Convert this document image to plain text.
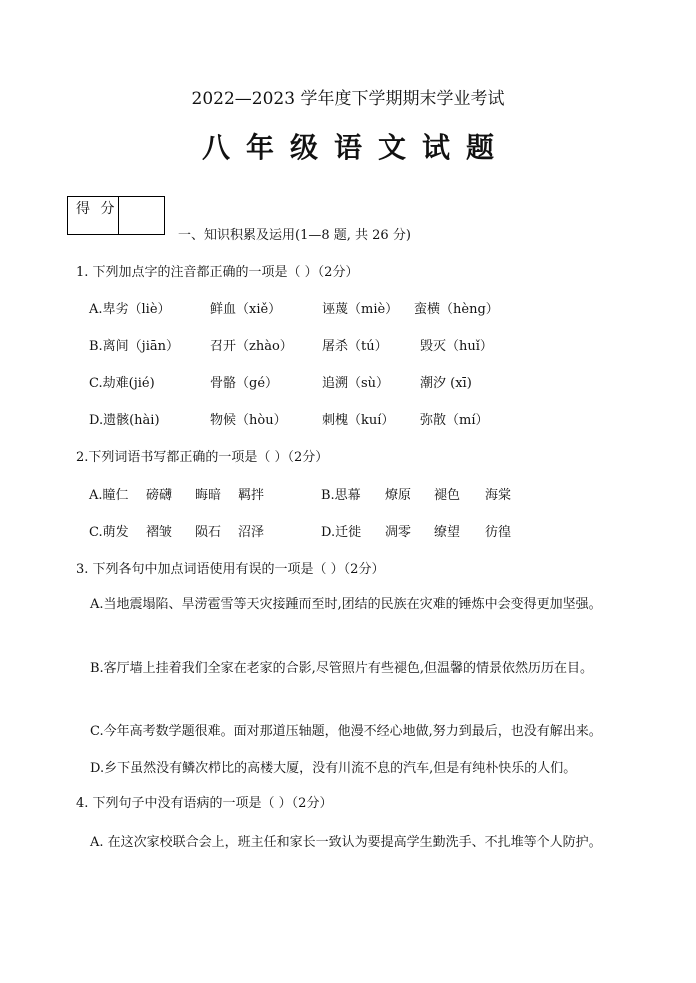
2022—2023 学年度下学期期末学业考试
八年级语文试题
得 分
一、知识积累及运用(1—8 题, 共 26 分)
1. 下列加点字的注音都正确的一项是（ ）（2分）
A.卑劣（liè）	鲜血（xiě）	诬蔑（miè） 蛮横（hèng）
B.离间（jiān） 召开（zhào） 屠杀（tú） 毁灭（huǐ）
C.劫难(jié)	骨骼（gé）	追溯（sù） 潮汐 (xī)
D.遗骸(hài)	物候（hòu）	刺槐（kuí） 弥散（mí）
2.下列词语书写都正确的一项是（ ）（2分）
A.瞳仁 磅礴 晦暗 羁拌	B.思幕 燎原 褪色 海棠
C.萌发 褶皱 陨石 沼泽	D.迁徙 凋零 缭望 彷徨
3. 下列各句中加点词语使用有误的一项是（ ）（2分）
A.当地震塌陷、旱涝雹雪等天灾接踵而至时,团结的民族在灾难的锤炼中会变得更加坚强。
B.客厅墙上挂着我们全家在老家的合影,尽管照片有些褪色,但温馨的情景依然历历在目。
C.今年高考数学题很难。面对那道压轴题，他漫不经心地做,努力到最后，也没有解出来。
D.乡下虽然没有鳞次栉比的高楼大厦，没有川流不息的汽车,但是有纯朴快乐的人们。
4. 下列句子中没有语病的一项是（ ）（2分）
A. 在这次家校联合会上，班主任和家长一致认为要提高学生勤洗手、不扎堆等个人防护。
